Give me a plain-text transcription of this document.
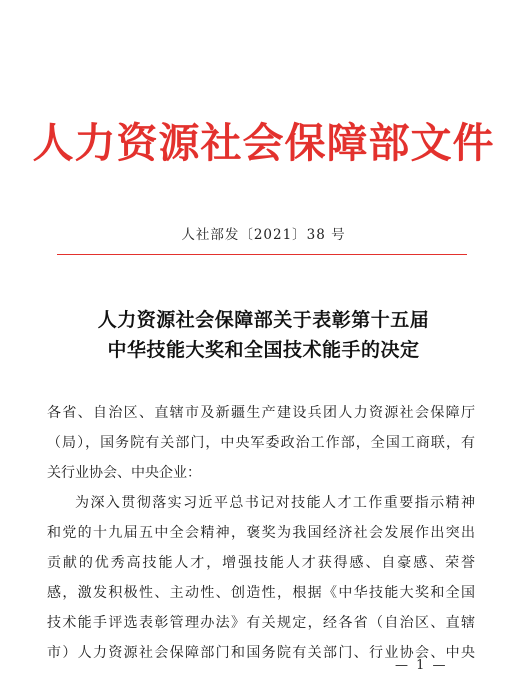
人力资源社会保障部文件
人社部发〔2021〕38 号
人力资源社会保障部关于表彰第十五届
中华技能大奖和全国技术能手的决定
各省、自治区、直辖市及新疆生产建设兵团人力资源社会保障厅
（局），国务院有关部门，中央军委政治工作部，全国工商联，有
关行业协会、中央企业：
为深入贯彻落实习近平总书记对技能人才工作重要指示精神
和党的十九届五中全会精神，褒奖为我国经济社会发展作出突出
贡献的优秀高技能人才，增强技能人才获得感、自豪感、荣誉
感，激发积极性、主动性、创造性，根据《中华技能大奖和全国
技术能手评选表彰管理办法》有关规定，经各省（自治区、直辖
市）人力资源社会保障部门和国务院有关部门、行业协会、中央
— 1 —
